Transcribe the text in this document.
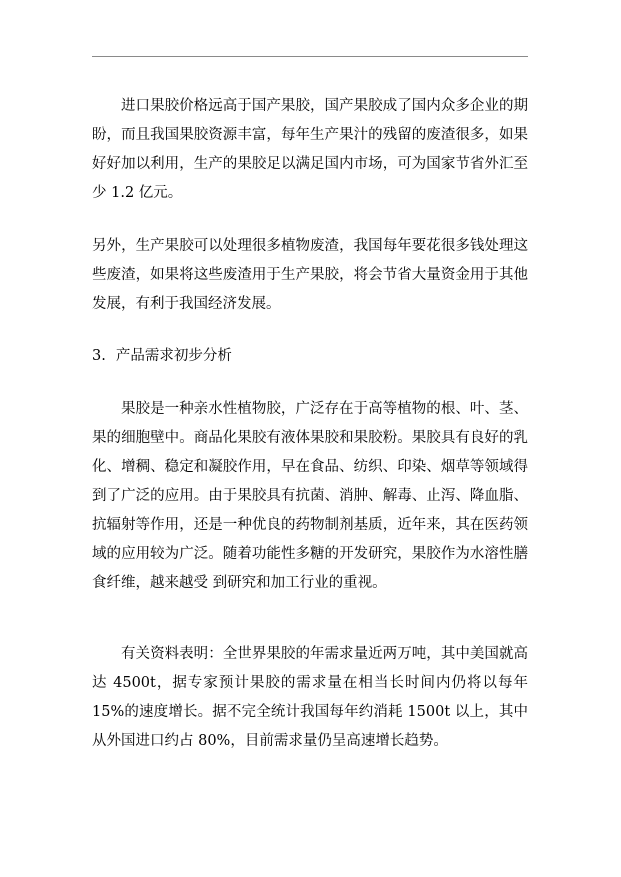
进口果胶价格远高于国产果胶，国产果胶成了国内众多企业的期盼，而且我国果胶资源丰富，每年生产果汁的残留的废渣很多，如果好好加以利用，生产的果胶足以满足国内市场，可为国家节省外汇至少 1.2 亿元。

另外，生产果胶可以处理很多植物废渣，我国每年要花很多钱处理这些废渣，如果将这些废渣用于生产果胶，将会节省大量资金用于其他发展，有利于我国经济发展。

3. 产品需求初步分析

果胶是一种亲水性植物胶，广泛存在于高等植物的根、叶、茎、果的细胞壁中。商品化果胶有液体果胶和果胶粉。果胶具有良好的乳化、增稠、稳定和凝胶作用，早在食品、纺织、印染、烟草等领域得到了广泛的应用。由于果胶具有抗菌、消肿、解毒、止泻、降血脂、抗辐射等作用，还是一种优良的药物制剂基质，近年来，其在医药领域的应用较为广泛。随着功能性多糖的开发研究，果胶作为水溶性膳食纤维，越来越受 到研究和加工行业的重视。

有关资料表明：全世界果胶的年需求量近两万吨，其中美国就高达 4500t，据专家预计果胶的需求量在相当长时间内仍将以每年 15%的速度增长。据不完全统计我国每年约消耗 1500t 以上，其中从外国进口约占 80%，目前需求量仍呈高速增长趋势。
